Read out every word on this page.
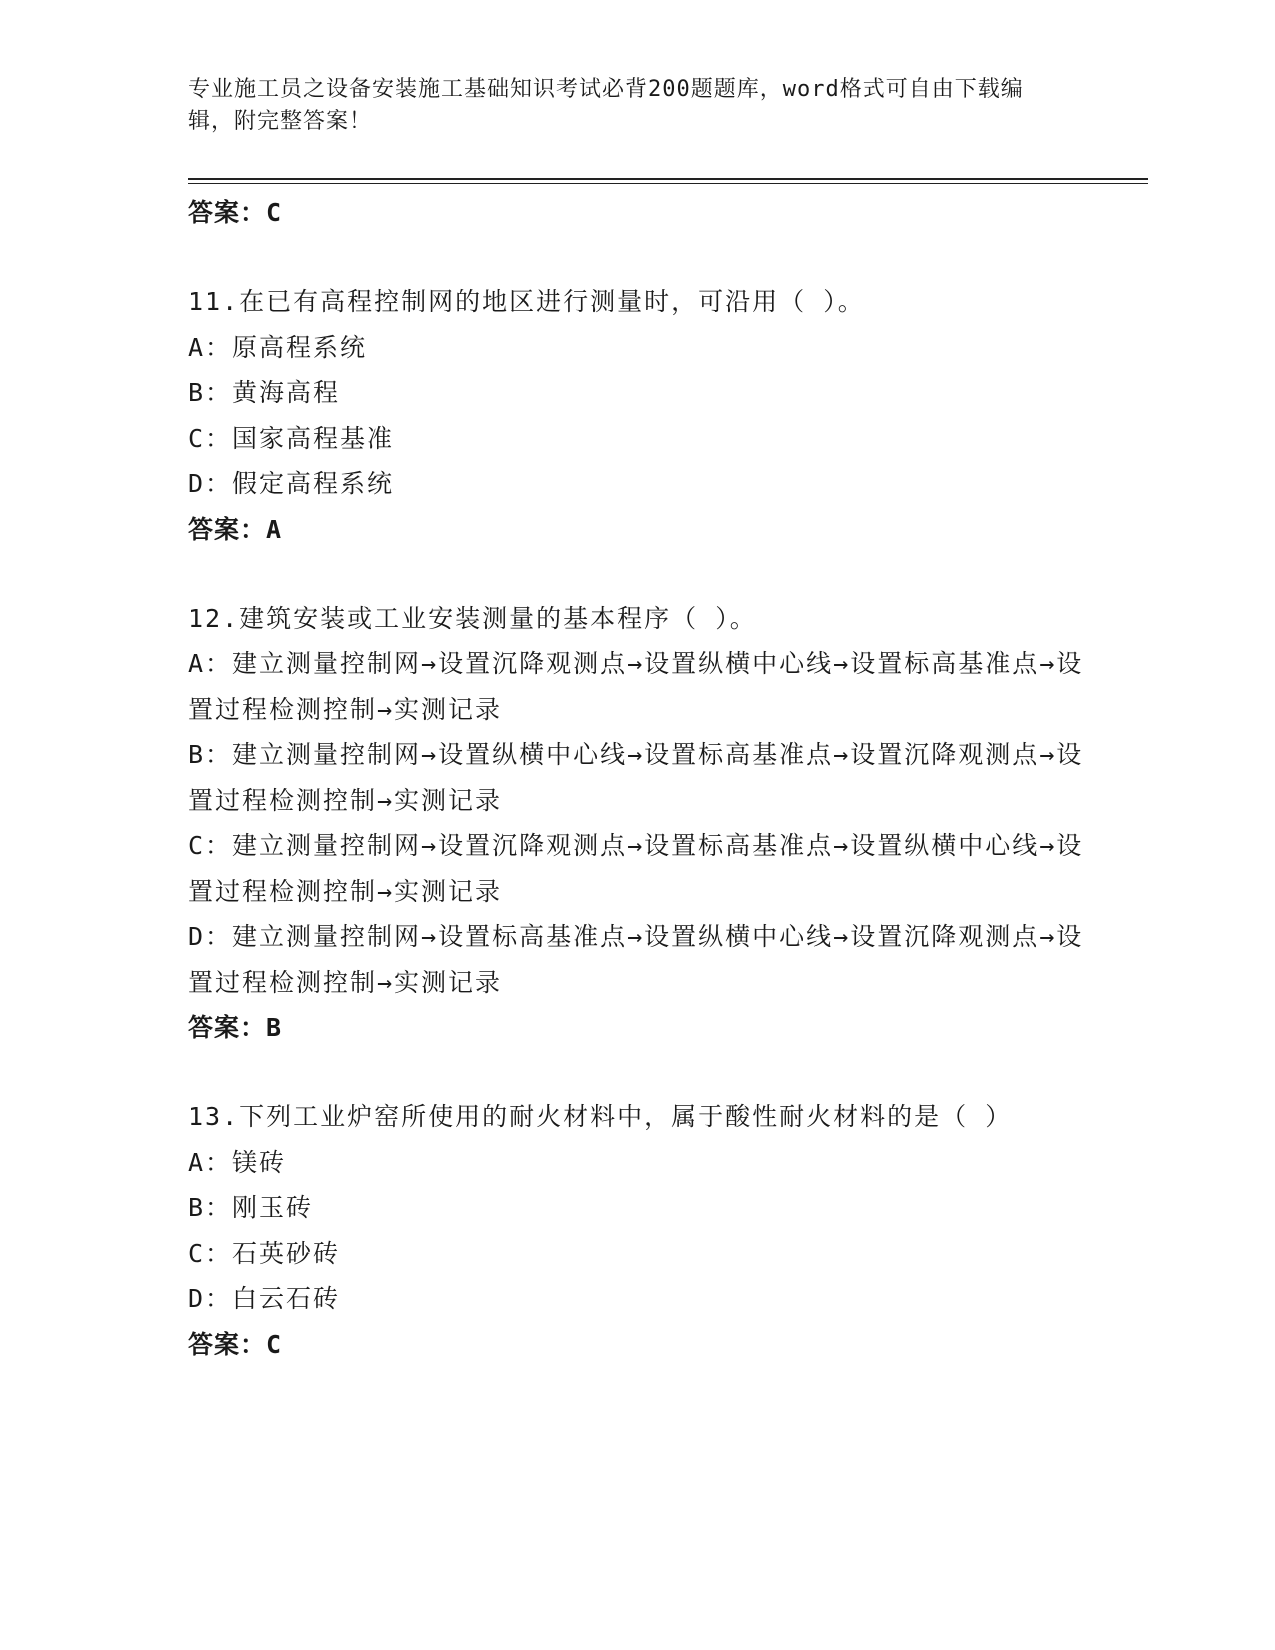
专业施工员之设备安装施工基础知识考试必背200题题库，word格式可自由下载编辑，附完整答案！
答案：C
11.在已有高程控制网的地区进行测量时，可沿用（ ）。
A：原高程系统
B：黄海高程
C：国家高程基准
D：假定高程系统
答案：A
12.建筑安装或工业安装测量的基本程序（ ）。
A：建立测量控制网→设置沉降观测点→设置纵横中心线→设置标高基准点→设置过程检测控制→实测记录
B：建立测量控制网→设置纵横中心线→设置标高基准点→设置沉降观测点→设置过程检测控制→实测记录
C：建立测量控制网→设置沉降观测点→设置标高基准点→设置纵横中心线→设置过程检测控制→实测记录
D：建立测量控制网→设置标高基准点→设置纵横中心线→设置沉降观测点→设置过程检测控制→实测记录
答案：B
13.下列工业炉窑所使用的耐火材料中，属于酸性耐火材料的是（ ）
A：镁砖
B：刚玉砖
C：石英砂砖
D：白云石砖
答案：C
